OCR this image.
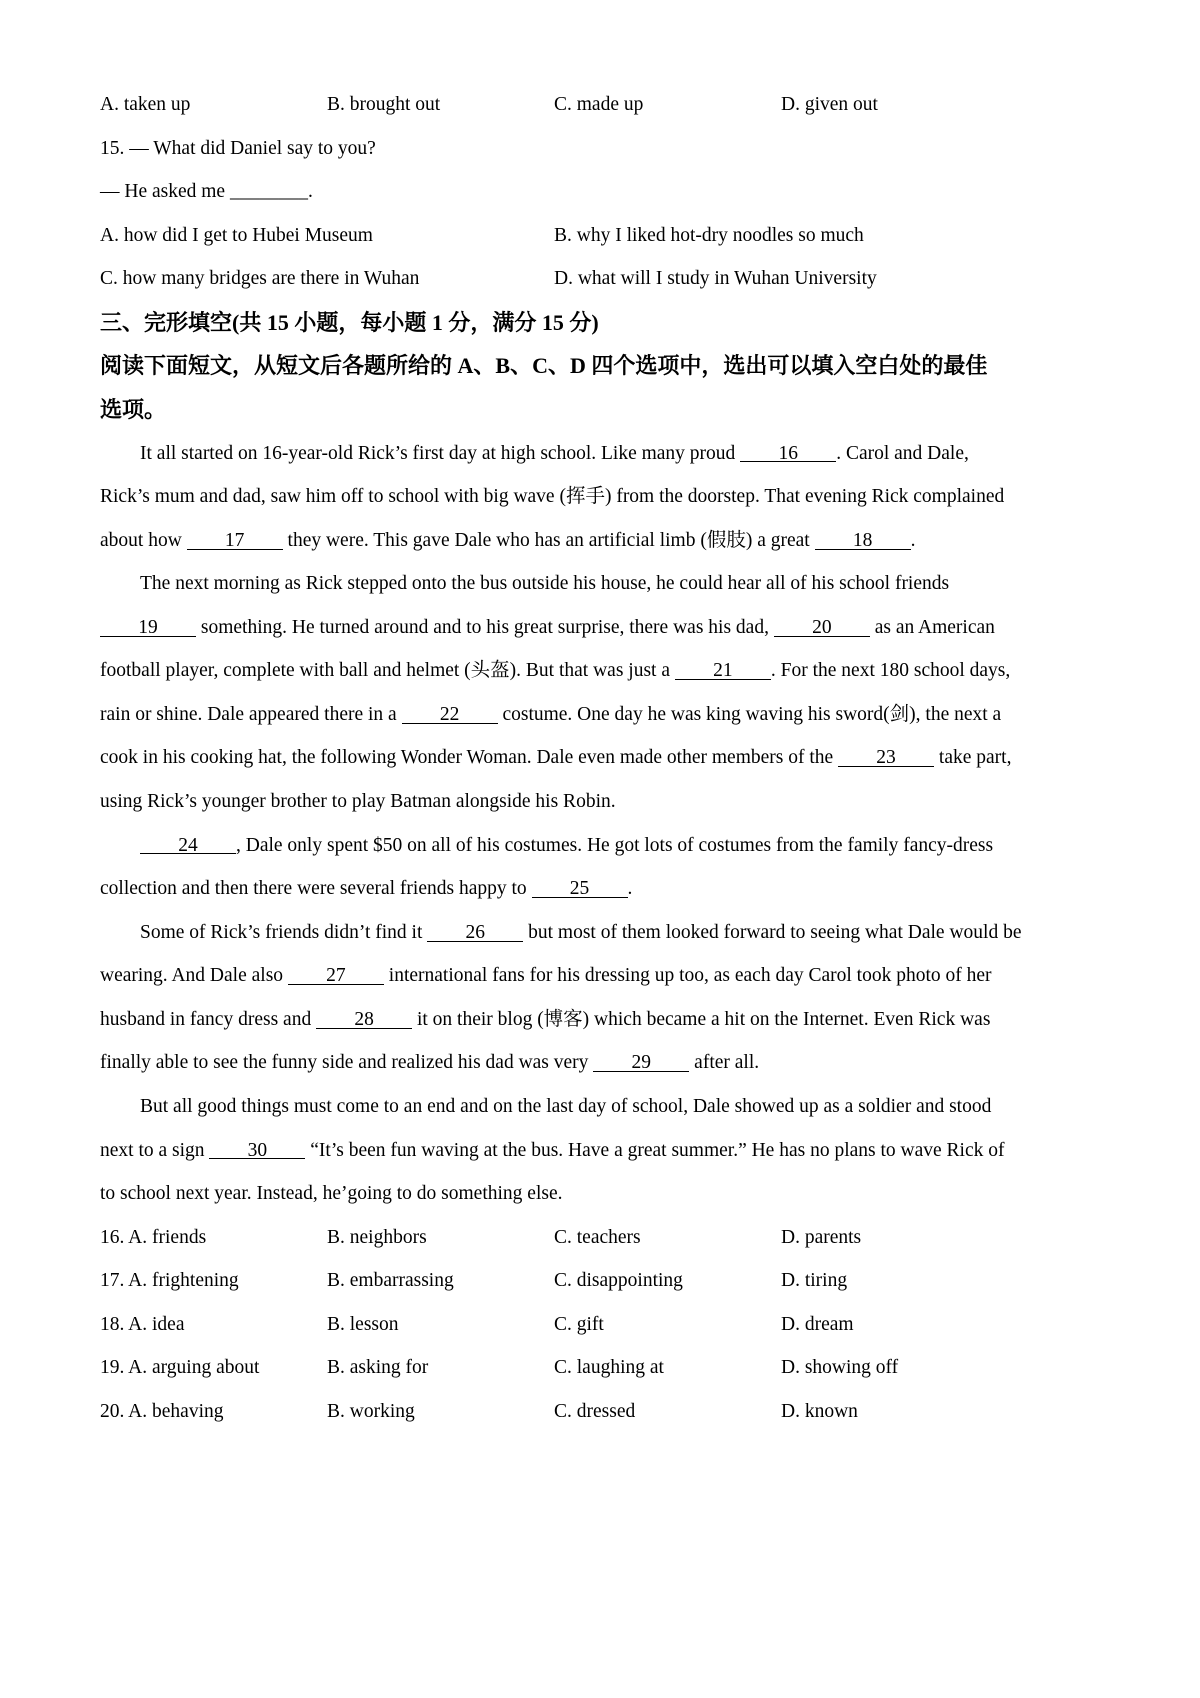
A. taken up	B. brought out	C. made up	D. given out
15. — What did Daniel say to you?
— He asked me ________.
A. how did I get to Hubei Museum	B. why I liked hot-dry noodles so much
C. how many bridges are there in Wuhan	D. what will I study in Wuhan University
三、完形填空(共 15 小题，每小题 1 分，满分 15 分)
阅读下面短文，从短文后各题所给的 A、B、C、D 四个选项中，选出可以填入空白处的最佳
选项。
It all started on 16-year-old Rick’s first day at high school. Like many proud 16 . Carol and Dale,
Rick’s mum and dad, saw him off to school with big wave (挥手) from the doorstep. That evening Rick complained
about how 17 they were. This gave Dale who has an artificial limb (假肢) a great 18 .
The next morning as Rick stepped onto the bus outside his house, he could hear all of his school friends
19 something. He turned around and to his great surprise, there was his dad, 20 as an American
football player, complete with ball and helmet (头盔). But that was just a 21 . For the next 180 school days,
rain or shine. Dale appeared there in a 22 costume. One day he was king waving his sword(剑), the next a
cook in his cooking hat, the following Wonder Woman. Dale even made other members of the 23 take part,
using Rick’s younger brother to play Batman alongside his Robin.
24 , Dale only spent $50 on all of his costumes. He got lots of costumes from the family fancy-dress
collection and then there were several friends happy to 25 .
Some of Rick’s friends didn’t find it 26 but most of them looked forward to seeing what Dale would be
wearing. And Dale also 27 international fans for his dressing up too, as each day Carol took photo of her
husband in fancy dress and 28 it on their blog (博客) which became a hit on the Internet. Even Rick was
finally able to see the funny side and realized his dad was very 29 after all.
But all good things must come to an end and on the last day of school, Dale showed up as a soldier and stood
next to a sign 30 “It’s been fun waving at the bus. Have a great summer.” He has no plans to wave Rick of
to school next year. Instead, he’going to do something else.
16. A. friends	B. neighbors	C. teachers	D. parents
17. A. frightening	B. embarrassing	C. disappointing	D. tiring
18. A. idea	B. lesson	C. gift	D. dream
19. A. arguing about	B. asking for	C. laughing at	D. showing off
20. A. behaving	B. working	C. dressed	D. known
